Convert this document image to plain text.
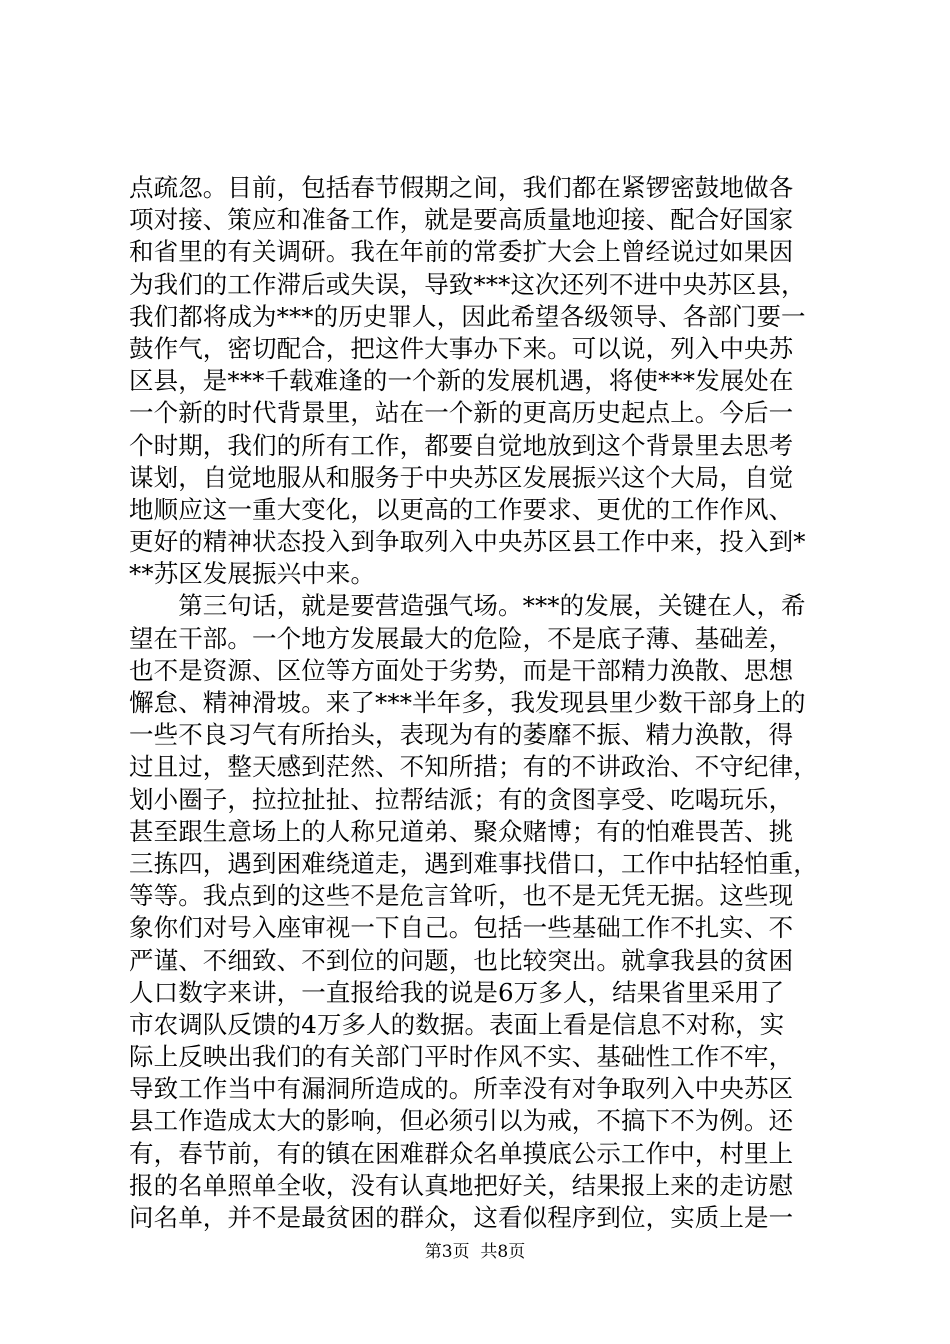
点疏忽。目前，包括春节假期之间，我们都在紧锣密鼓地做各
项对接、策应和准备工作，就是要高质量地迎接、配合好国家
和省里的有关调研。我在年前的常委扩大会上曾经说过如果因
为我们的工作滞后或失误，导致***这次还列不进中央苏区县，
我们都将成为***的历史罪人，因此希望各级领导、各部门要一
鼓作气，密切配合，把这件大事办下来。可以说，列入中央苏
区县，是***千载难逢的一个新的发展机遇，将使***发展处在
一个新的时代背景里，站在一个新的更高历史起点上。今后一
个时期，我们的所有工作，都要自觉地放到这个背景里去思考
谋划，自觉地服从和服务于中央苏区发展振兴这个大局，自觉
地顺应这一重大变化，以更高的工作要求、更优的工作作风、
更好的精神状态投入到争取列入中央苏区县工作中来，投入到*
**苏区发展振兴中来。
　　第三句话，就是要营造强气场。***的发展，关键在人，希
望在干部。一个地方发展最大的危险，不是底子薄、基础差，
也不是资源、区位等方面处于劣势，而是干部精力涣散、思想
懈怠、精神滑坡。来了***半年多，我发现县里少数干部身上的
一些不良习气有所抬头，表现为有的萎靡不振、精力涣散，得
过且过，整天感到茫然、不知所措；有的不讲政治、不守纪律，
划小圈子，拉拉扯扯、拉帮结派；有的贪图享受、吃喝玩乐，
甚至跟生意场上的人称兄道弟、聚众赌博；有的怕难畏苦、挑
三拣四，遇到困难绕道走，遇到难事找借口，工作中拈轻怕重，
等等。我点到的这些不是危言耸听，也不是无凭无据。这些现
象你们对号入座审视一下自己。包括一些基础工作不扎实、不
严谨、不细致、不到位的问题，也比较突出。就拿我县的贫困
人口数字来讲，一直报给我的说是6万多人，结果省里采用了
市农调队反馈的4万多人的数据。表面上看是信息不对称，实
际上反映出我们的有关部门平时作风不实、基础性工作不牢，
导致工作当中有漏洞所造成的。所幸没有对争取列入中央苏区
县工作造成太大的影响，但必须引以为戒，不搞下不为例。还
有，春节前，有的镇在困难群众名单摸底公示工作中，村里上
报的名单照单全收，没有认真地把好关，结果报上来的走访慰
问名单，并不是最贫困的群众，这看似程序到位，实质上是一
第3页 共8页
